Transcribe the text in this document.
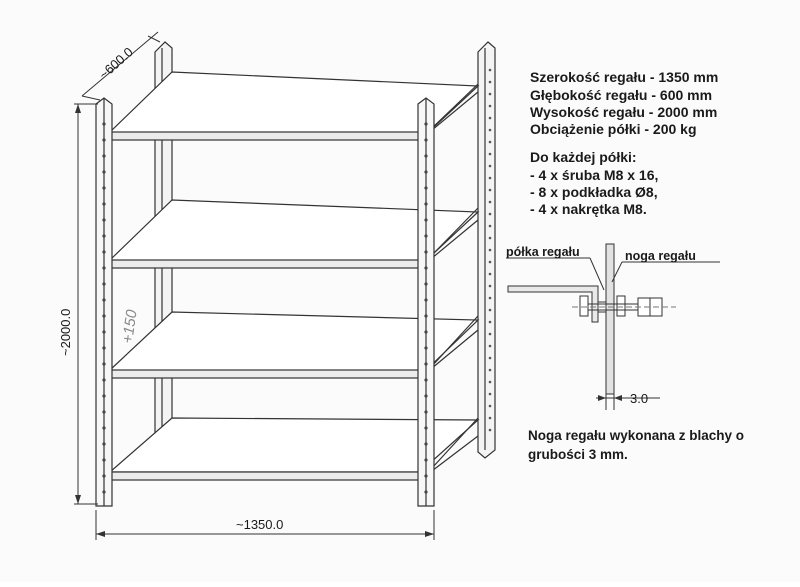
~600.0
~2000.0
~1350.0
+150
Szerokość regału - 1350 mm
Głębokość regału - 600 mm
Wysokość regału - 2000 mm
Obciążenie półki - 200 kg
Do każdej półki:
- 4 x śruba M8 x 16,
- 8 x podkładka Ø8,
- 4 x nakrętka M8.
półka regału	noga regału
3.0
Noga regału wykonana z blachy o
grubości 3 mm.
